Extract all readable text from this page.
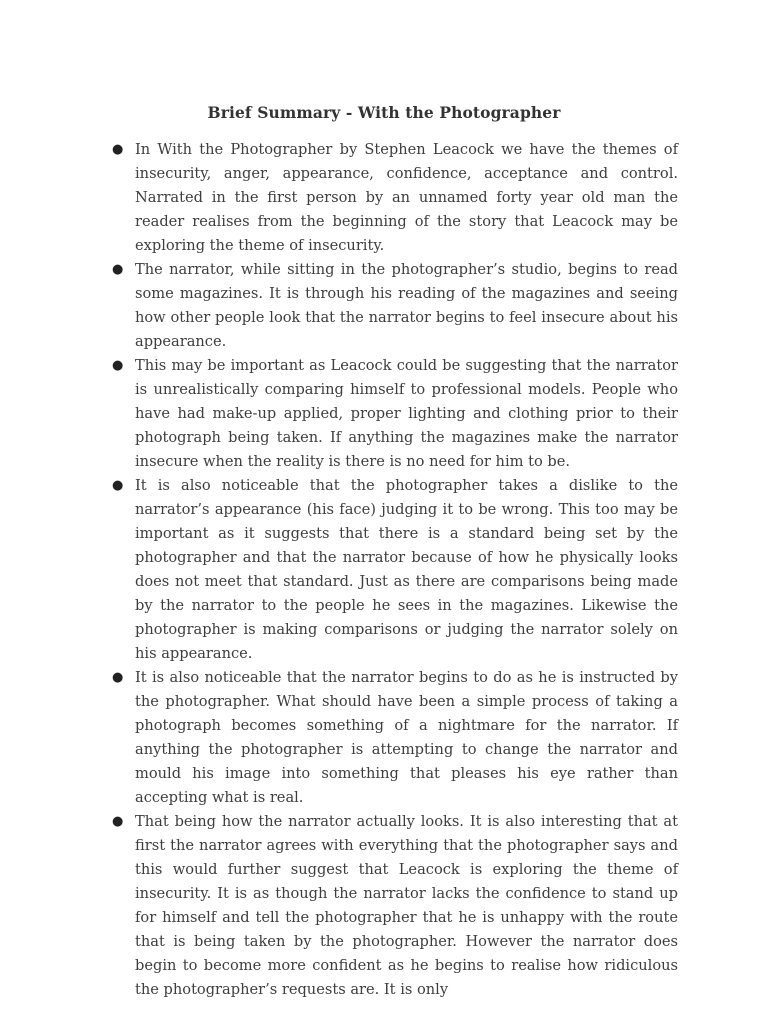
Brief Summary - With the Photographer
● In With the Photographer by Stephen Leacock we have the themes of insecurity, anger, appearance, confidence, acceptance and control. Narrated in the first person by an unnamed forty year old man the reader realises from the beginning of the story that Leacock may be exploring the theme of insecurity.
● The narrator, while sitting in the photographer’s studio, begins to read some magazines. It is through his reading of the magazines and seeing how other people look that the narrator begins to feel insecure about his appearance.
● This may be important as Leacock could be suggesting that the narrator is unrealistically comparing himself to professional models. People who have had make-up applied, proper lighting and clothing prior to their photograph being taken. If anything the magazines make the narrator insecure when the reality is there is no need for him to be.
● It is also noticeable that the photographer takes a dislike to the narrator’s appearance (his face) judging it to be wrong. This too may be important as it suggests that there is a standard being set by the photographer and that the narrator because of how he physically looks does not meet that standard. Just as there are comparisons being made by the narrator to the people he sees in the magazines. Likewise the photographer is making comparisons or judging the narrator solely on his appearance.
● It is also noticeable that the narrator begins to do as he is instructed by the photographer. What should have been a simple process of taking a photograph becomes something of a nightmare for the narrator. If anything the photographer is attempting to change the narrator and mould his image into something that pleases his eye rather than accepting what is real.
● That being how the narrator actually looks. It is also interesting that at first the narrator agrees with everything that the photographer says and this would further suggest that Leacock is exploring the theme of insecurity. It is as though the narrator lacks the confidence to stand up for himself and tell the photographer that he is unhappy with the route that is being taken by the photographer. However the narrator does begin to become more confident as he begins to realise how ridiculous the photographer’s requests are. It is only
